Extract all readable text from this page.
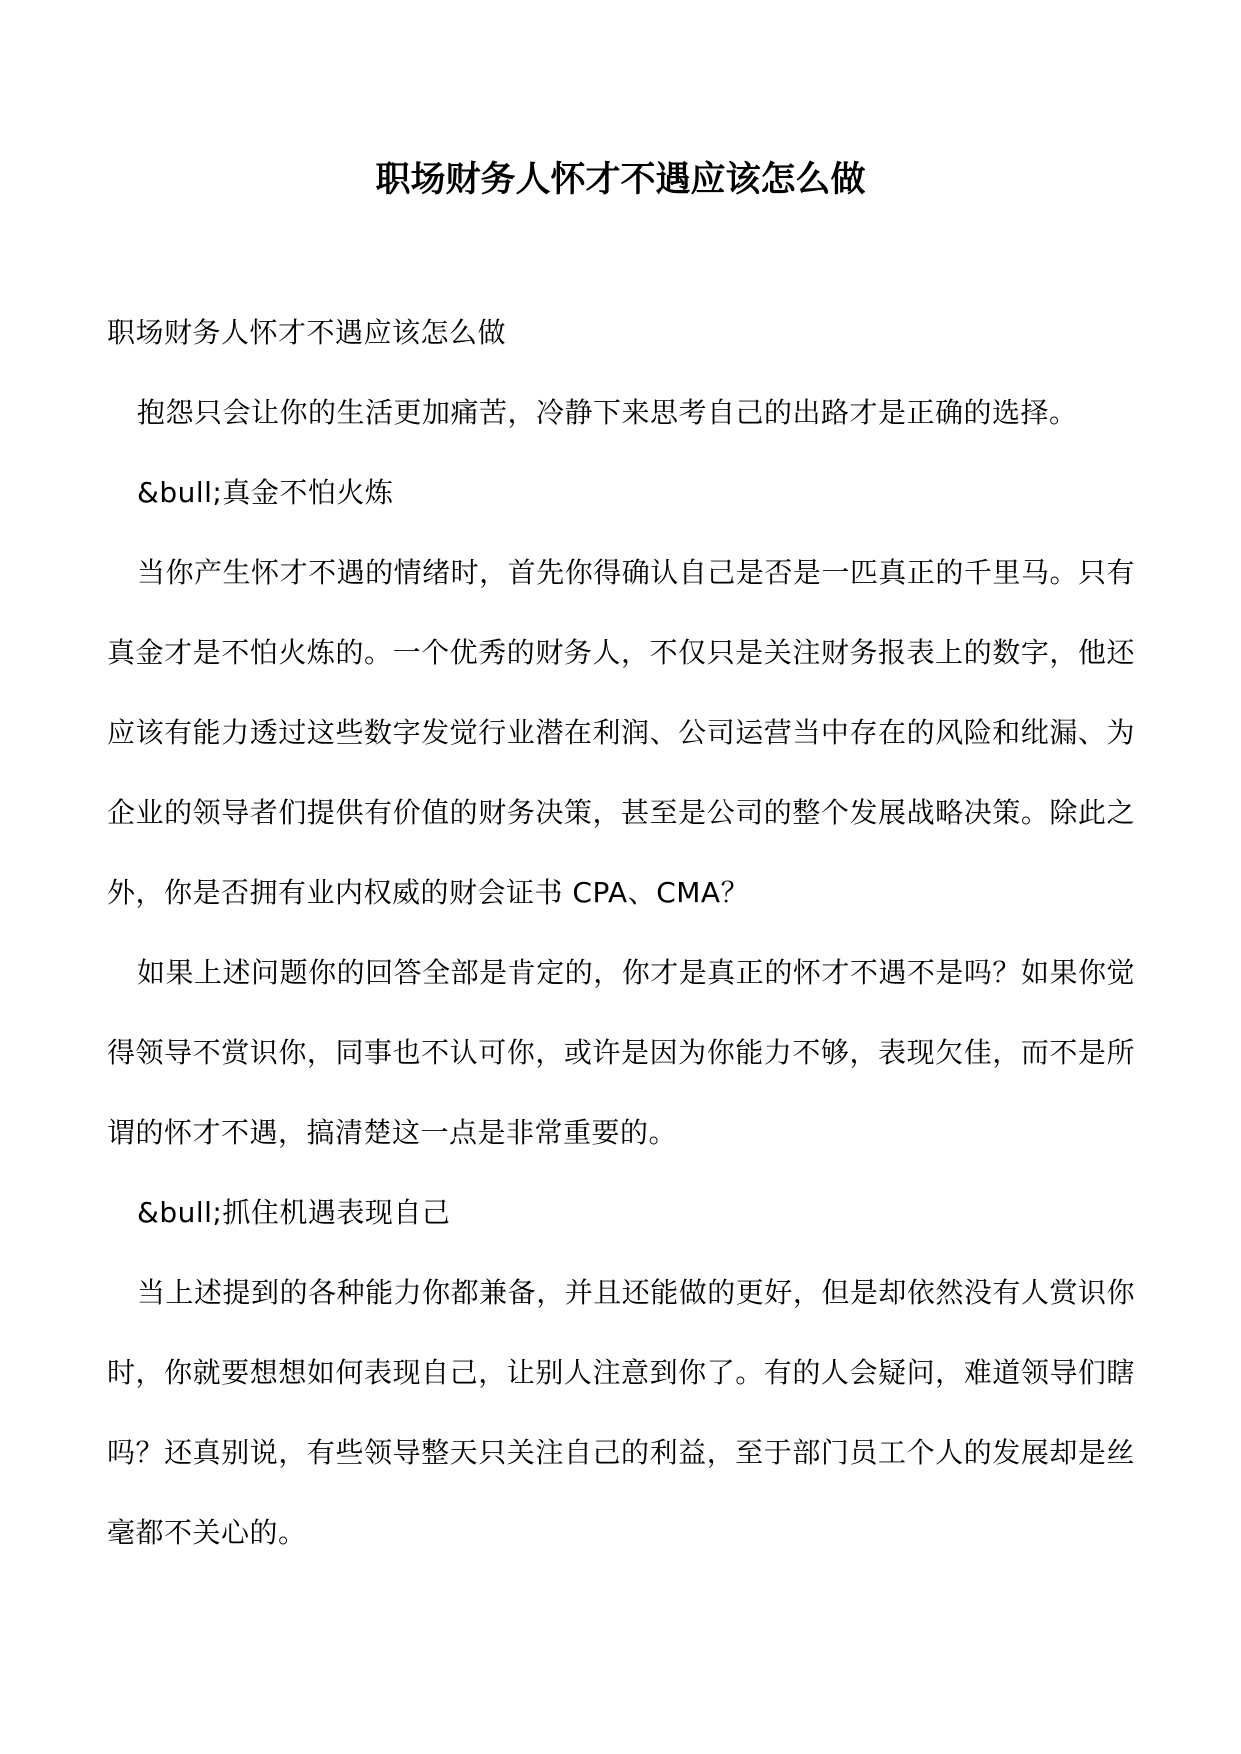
职场财务人怀才不遇应该怎么做

职场财务人怀才不遇应该怎么做

抱怨只会让你的生活更加痛苦，冷静下来思考自己的出路才是正确的选择。

&bull;真金不怕火炼

当你产生怀才不遇的情绪时，首先你得确认自己是否是一匹真正的千里马。只有真金才是不怕火炼的。一个优秀的财务人，不仅只是关注财务报表上的数字，他还应该有能力透过这些数字发觉行业潜在利润、公司运营当中存在的风险和纰漏、为企业的领导者们提供有价值的财务决策，甚至是公司的整个发展战略决策。除此之外，你是否拥有业内权威的财会证书 CPA、CMA？

如果上述问题你的回答全部是肯定的，你才是真正的怀才不遇不是吗？如果你觉得领导不赏识你，同事也不认可你，或许是因为你能力不够，表现欠佳，而不是所谓的怀才不遇，搞清楚这一点是非常重要的。

&bull;抓住机遇表现自己

当上述提到的各种能力你都兼备，并且还能做的更好，但是却依然没有人赏识你时，你就要想想如何表现自己，让别人注意到你了。有的人会疑问，难道领导们瞎吗？还真别说，有些领导整天只关注自己的利益，至于部门员工个人的发展却是丝毫都不关心的。
